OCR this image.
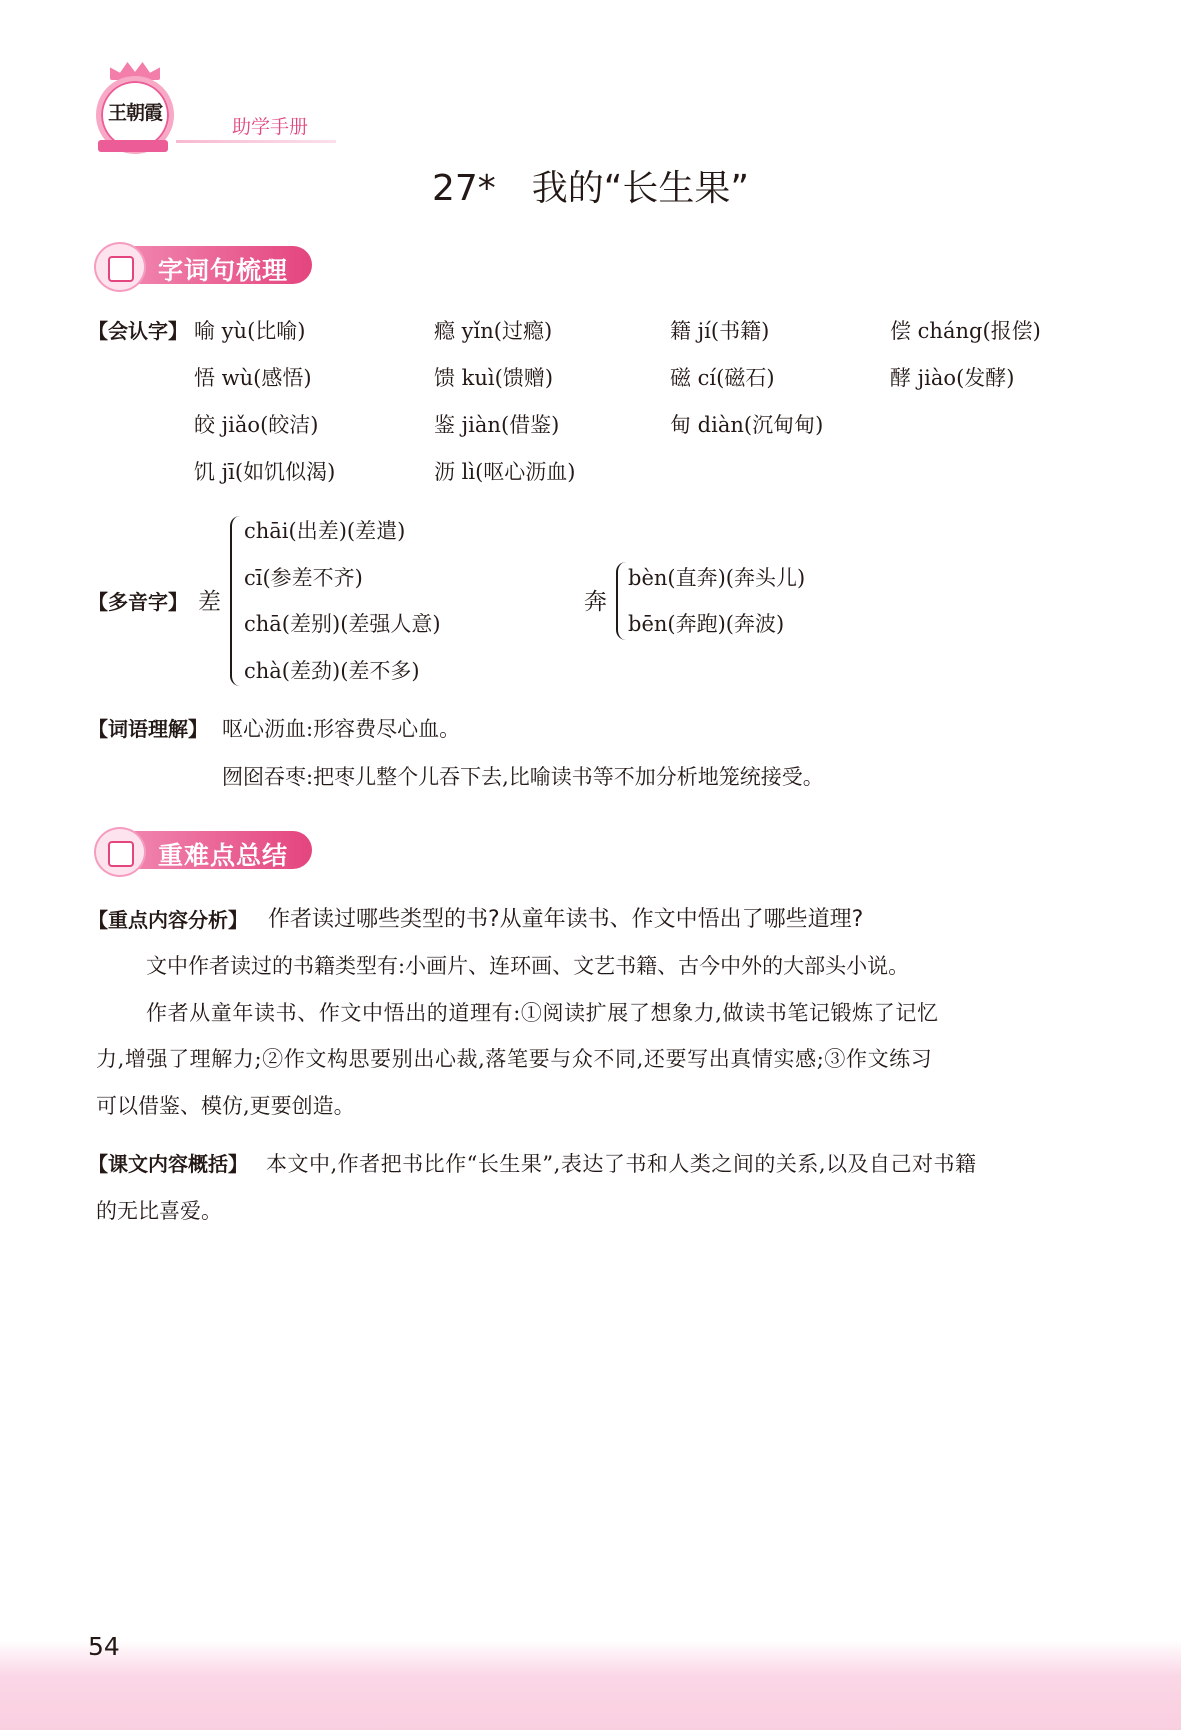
王朝霞
助学手册
27* 我的“长生果”
字词句梳理
【会认字】 喻 yù(比喻)	瘾 yǐn(过瘾)	籍 jí(书籍)	偿 cháng(报偿)
悟 wù(感悟)	馈 kuì(馈赠)	磁 cí(磁石)	酵 jiào(发酵)
皎 jiǎo(皎洁)	鉴 jiàn(借鉴)	甸 diàn(沉甸甸)
饥 jī(如饥似渴)	沥 lì(呕心沥血)
【多音字】 差
chāi(出差)(差遣)
cī(参差不齐)
chā(差别)(差强人意)
chà(差劲)(差不多)
奔
bèn(直奔)(奔头儿)
bēn(奔跑)(奔波)
【词语理解】 呕心沥血:形容费尽心血。
囫囵吞枣:把枣儿整个儿吞下去,比喻读书等不加分析地笼统接受。
重难点总结
【重点内容分析】 作者读过哪些类型的书?从童年读书、作文中悟出了哪些道理?
文中作者读过的书籍类型有:小画片、连环画、文艺书籍、古今中外的大部头小说。
作者从童年读书、作文中悟出的道理有:①阅读扩展了想象力,做读书笔记锻炼了记忆
力,增强了理解力;②作文构思要别出心裁,落笔要与众不同,还要写出真情实感;③作文练习
可以借鉴、模仿,更要创造。
【课文内容概括】 本文中,作者把书比作“长生果”,表达了书和人类之间的关系,以及自己对书籍
的无比喜爱。
54
